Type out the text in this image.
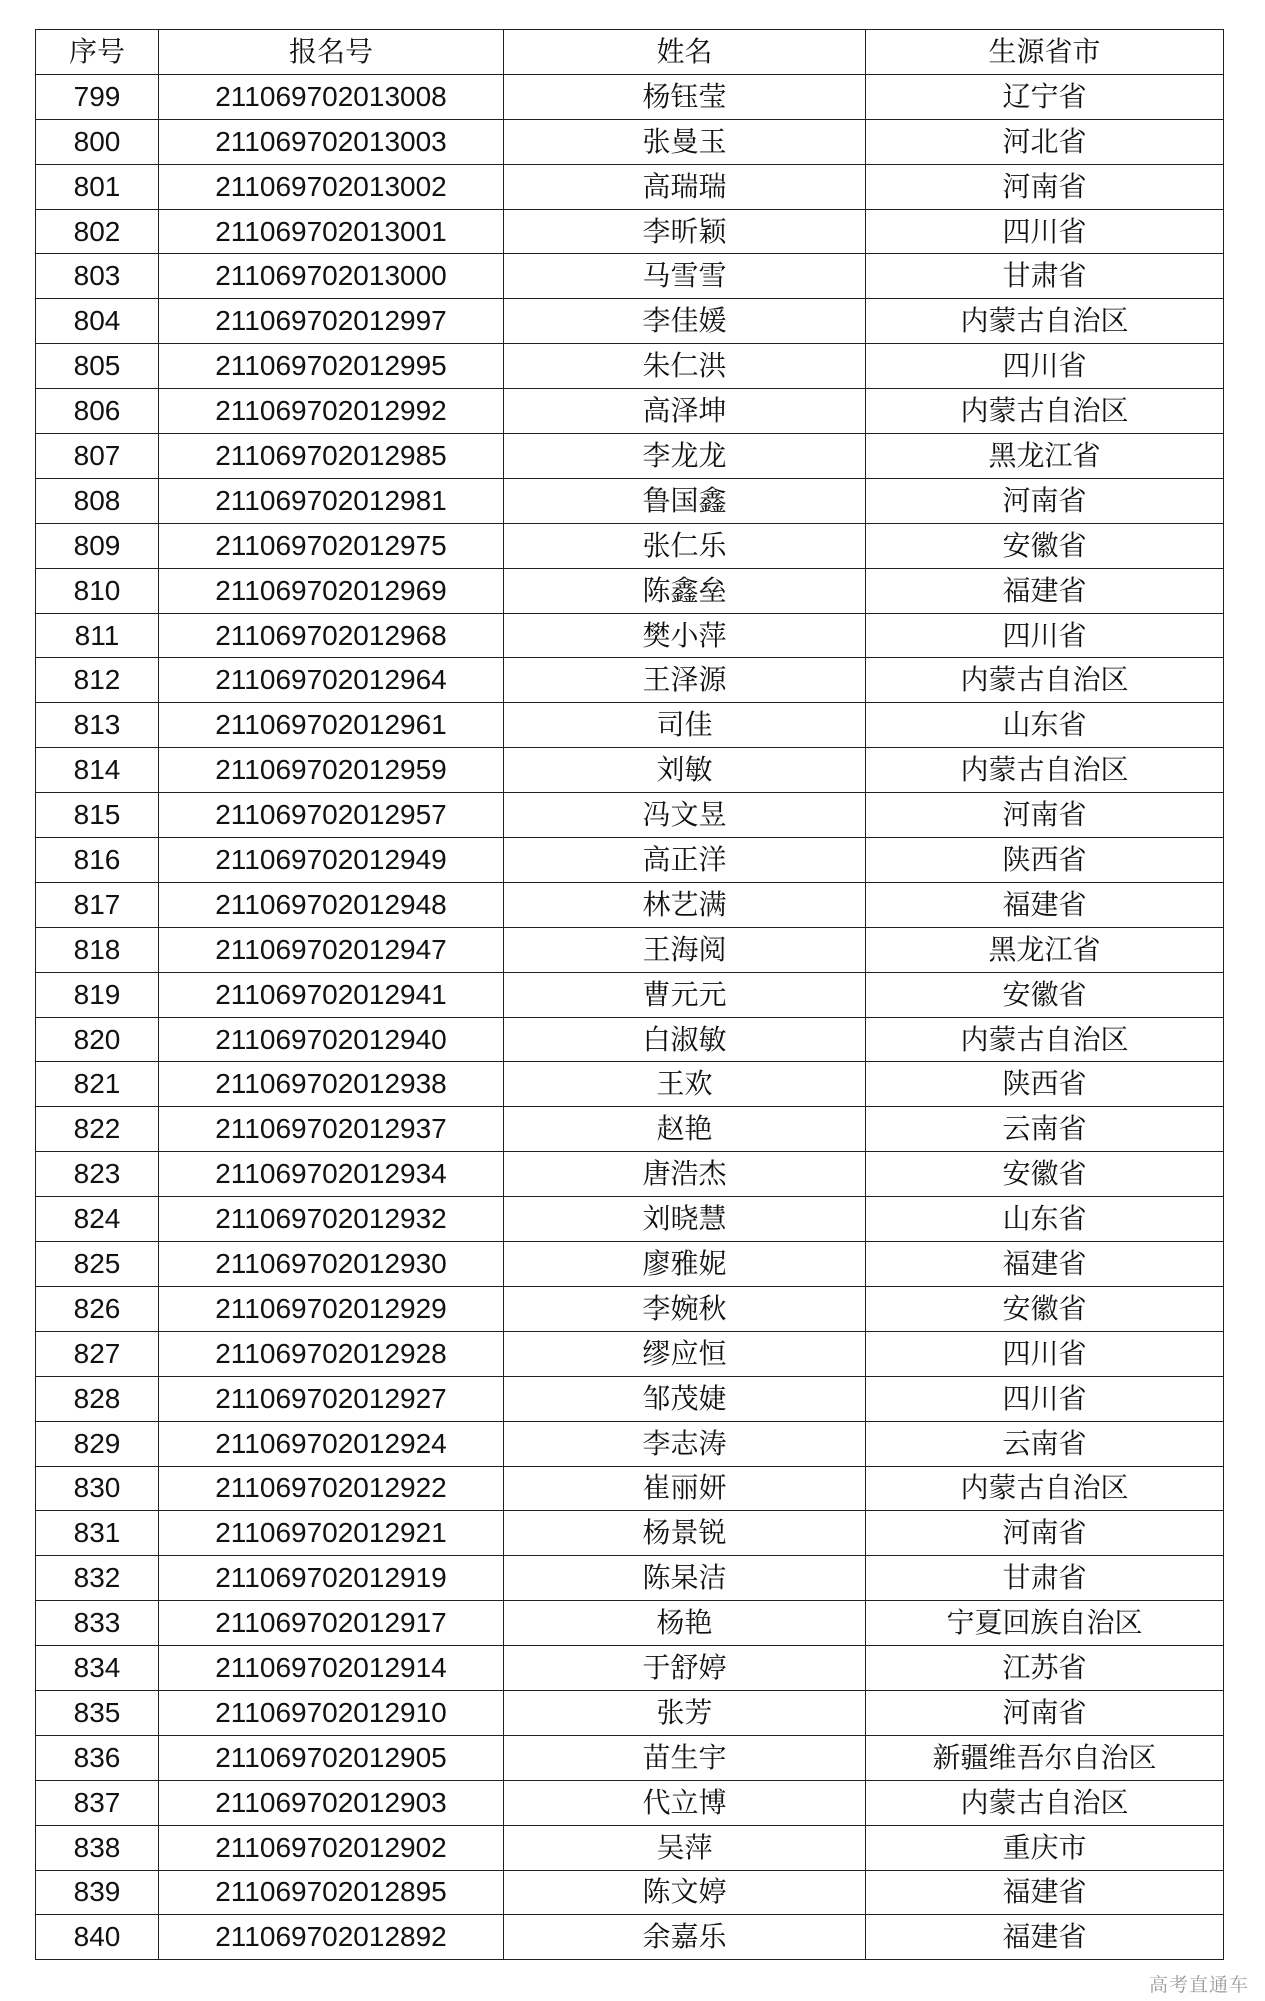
序号	报名号	姓名	生源省市
799	211069702013008	杨钰莹	辽宁省
800	211069702013003	张曼玉	河北省
801	211069702013002	高瑞瑞	河南省
802	211069702013001	李昕颖	四川省
803	211069702013000	马雪雪	甘肃省
804	211069702012997	李佳媛	内蒙古自治区
805	211069702012995	朱仁洪	四川省
806	211069702012992	高泽坤	内蒙古自治区
807	211069702012985	李龙龙	黑龙江省
808	211069702012981	鲁国鑫	河南省
809	211069702012975	张仁乐	安徽省
810	211069702012969	陈鑫垒	福建省
811	211069702012968	樊小萍	四川省
812	211069702012964	王泽源	内蒙古自治区
813	211069702012961	司佳	山东省
814	211069702012959	刘敏	内蒙古自治区
815	211069702012957	冯文昱	河南省
816	211069702012949	高正洋	陕西省
817	211069702012948	林艺满	福建省
818	211069702012947	王海阅	黑龙江省
819	211069702012941	曹元元	安徽省
820	211069702012940	白淑敏	内蒙古自治区
821	211069702012938	王欢	陕西省
822	211069702012937	赵艳	云南省
823	211069702012934	唐浩杰	安徽省
824	211069702012932	刘晓慧	山东省
825	211069702012930	廖雅妮	福建省
826	211069702012929	李婉秋	安徽省
827	211069702012928	缪应恒	四川省
828	211069702012927	邹茂婕	四川省
829	211069702012924	李志涛	云南省
830	211069702012922	崔丽妍	内蒙古自治区
831	211069702012921	杨景锐	河南省
832	211069702012919	陈杲洁	甘肃省
833	211069702012917	杨艳	宁夏回族自治区
834	211069702012914	于舒婷	江苏省
835	211069702012910	张芳	河南省
836	211069702012905	苗生宇	新疆维吾尔自治区
837	211069702012903	代立博	内蒙古自治区
838	211069702012902	吴萍	重庆市
839	211069702012895	陈文婷	福建省
840	211069702012892	余嘉乐	福建省
高考直通车
